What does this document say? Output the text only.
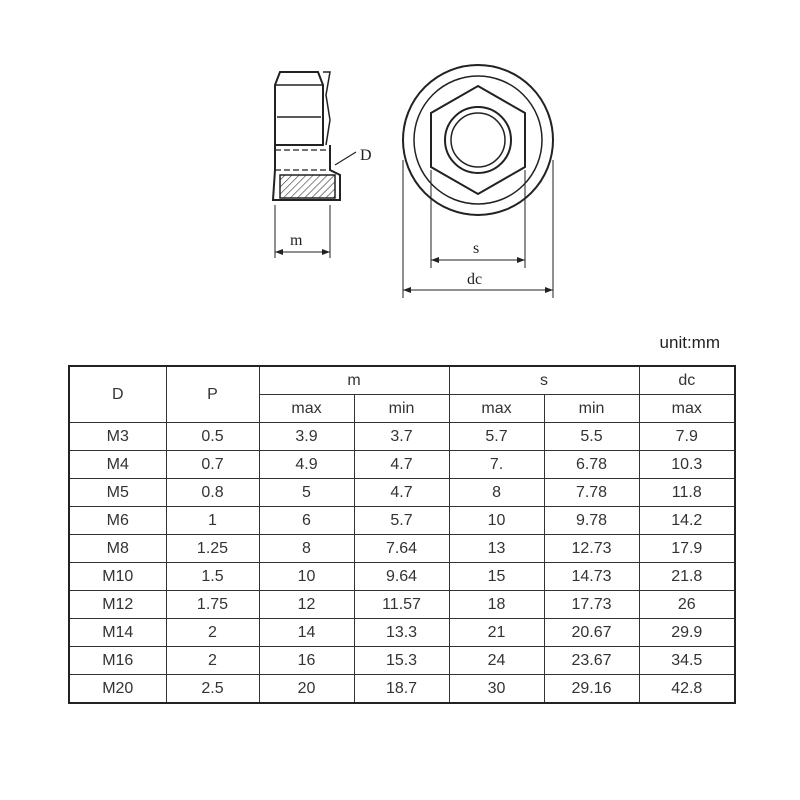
D
m	s
dc
unit:mm
D	P	m		s		dc
		max	min	max	min	max
M3	0.5	3.9	3.7	5.7	5.5	7.9
M4	0.7	4.9	4.7	7.	6.78	10.3
M5	0.8	5	4.7	8	7.78	11.8
M6	1	6	5.7	10	9.78	14.2
M8	1.25	8	7.64	13	12.73	17.9
M10	1.5	10	9.64	15	14.73	21.8
M12	1.75	12	11.57	18	17.73	26
M14	2	14	13.3	21	20.67	29.9
M16	2	16	15.3	24	23.67	34.5
M20	2.5	20	18.7	30	29.16	42.8
